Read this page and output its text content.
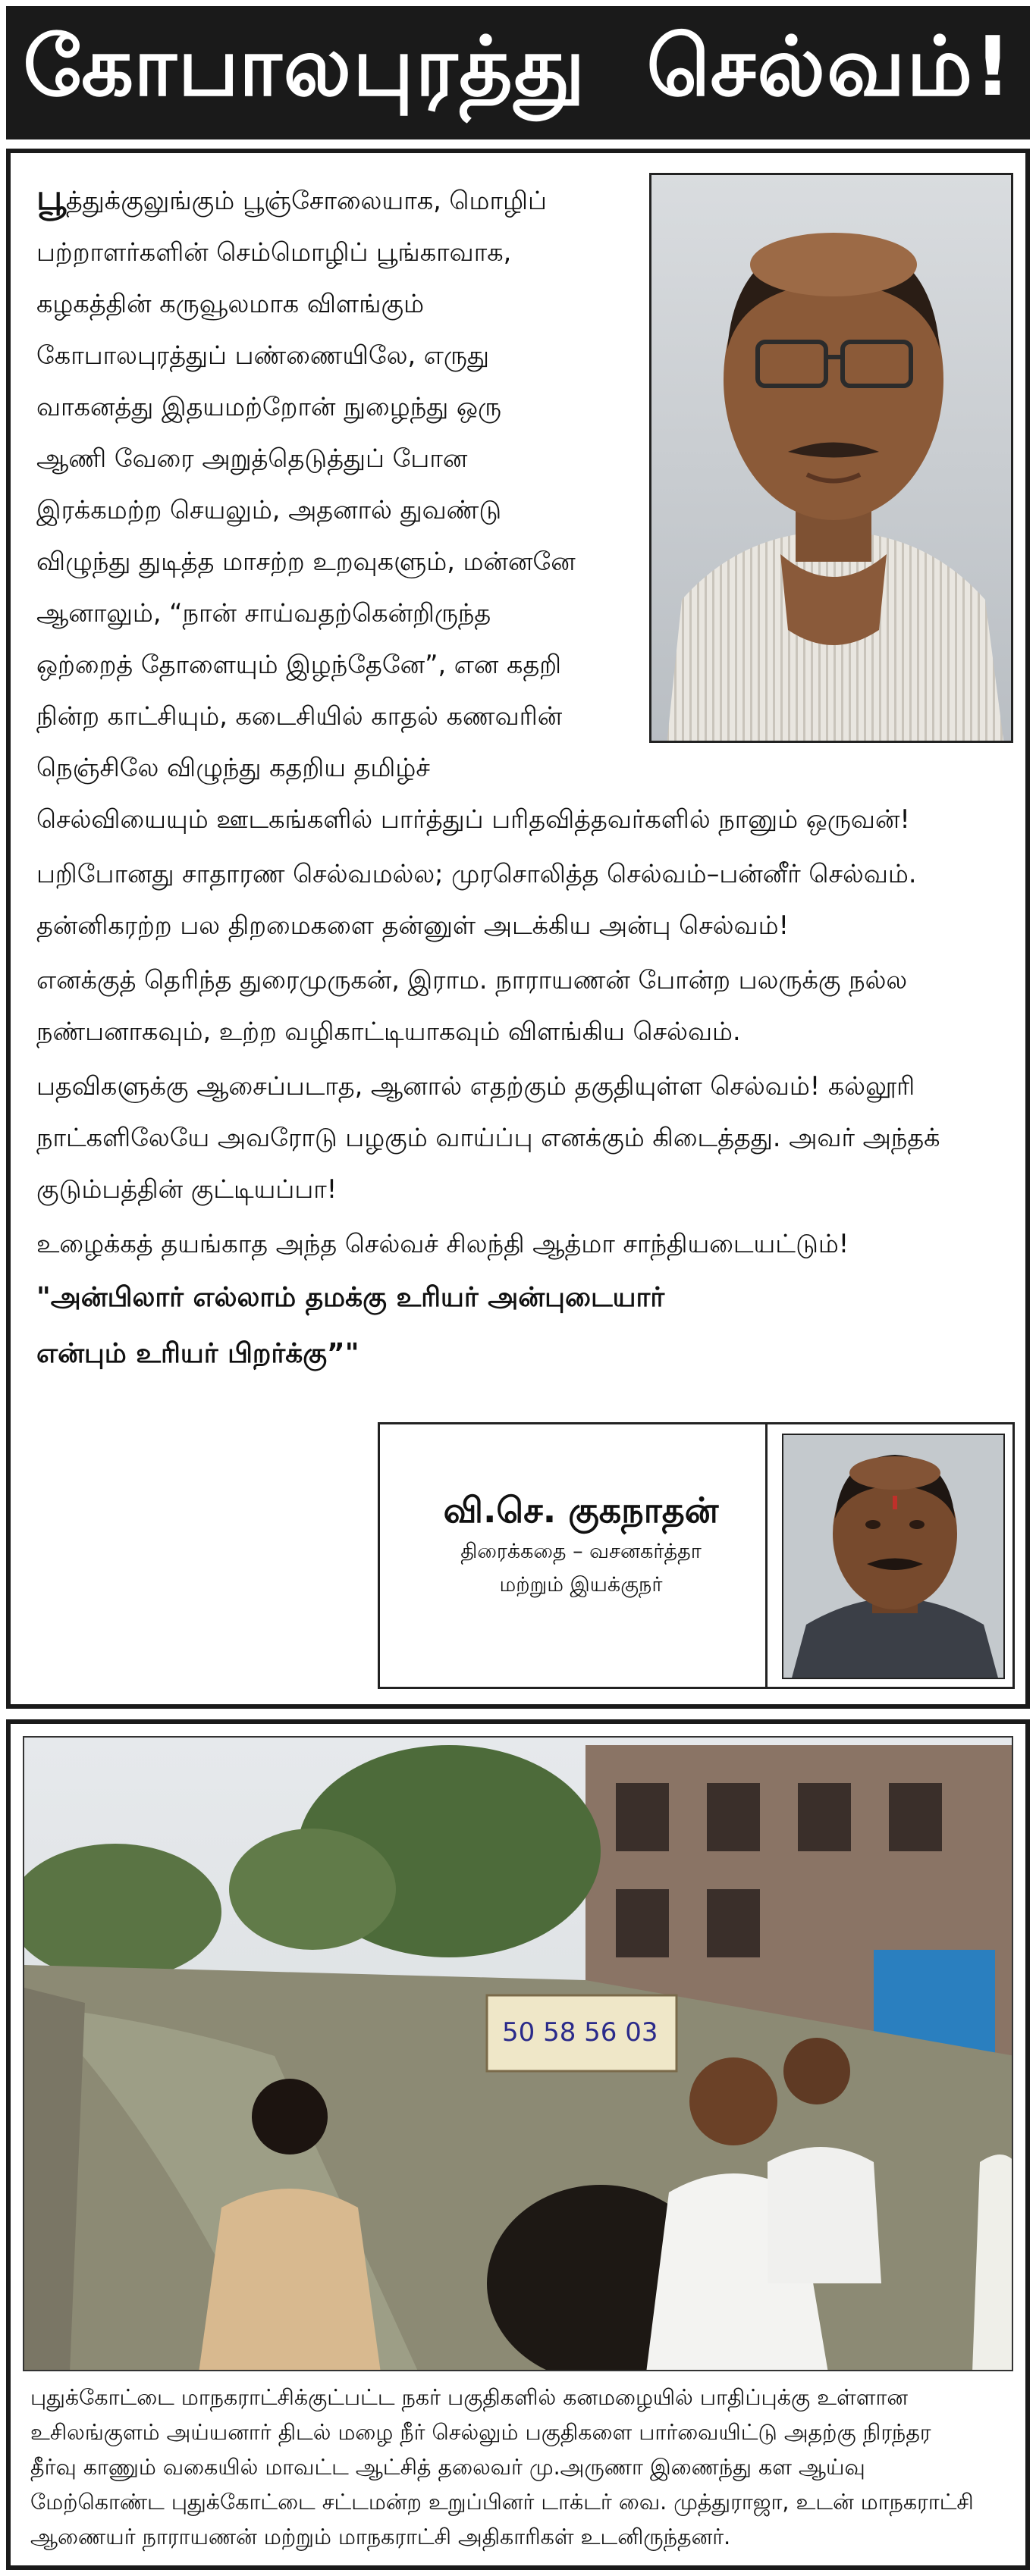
கோபாலபுரத்து  செல்வம்!

பூத்துக்குலுங்கும் பூஞ்சோலையாக, மொழிப்
பற்றாளர்களின் செம்மொழிப் பூங்காவாக,
கழகத்தின் கருவூலமாக விளங்கும்
கோபாலபுரத்துப் பண்ணையிலே, எருது
வாகனத்து இதயமற்றோன் நுழைந்து ஒரு
ஆணி வேரை அறுத்தெடுத்துப் போன
இரக்கமற்ற செயலும், அதனால் துவண்டு
விழுந்து துடித்த மாசற்ற உறவுகளும், மன்னனே
ஆனாலும், “நான் சாய்வதற்கென்றிருந்த
ஒற்றைத் தோளையும் இழந்தேனே”, என கதறி
நின்ற காட்சியும், கடைசியில் காதல் கணவரின்
நெஞ்சிலே விழுந்து கதறிய தமிழ்ச்

செல்வியையும் ஊடகங்களில் பார்த்துப் பரிதவித்தவர்களில் நானும் ஒருவன்!

பறிபோனது சாதாரண செல்வமல்ல; முரசொலித்த செல்வம்–பன்னீர் செல்வம்.
தன்னிகரற்ற பல திறமைகளை தன்னுள் அடக்கிய அன்பு செல்வம்!

எனக்குத் தெரிந்த துரைமுருகன், இராம. நாராயணன் போன்ற பலருக்கு நல்ல
நண்பனாகவும், உற்ற வழிகாட்டியாகவும் விளங்கிய செல்வம்.

பதவிகளுக்கு ஆசைப்படாத, ஆனால் எதற்கும் தகுதியுள்ள செல்வம்! கல்லூரி
நாட்களிலேயே அவரோடு பழகும் வாய்ப்பு எனக்கும் கிடைத்தது. அவர் அந்தக்
குடும்பத்தின் குட்டியப்பா!

உழைக்கத் தயங்காத அந்த செல்வச் சிலந்தி ஆத்மா சாந்தியடையட்டும்!

"அன்பிலார் எல்லாம் தமக்கு உரியர் அன்புடையார்
என்பும் உரியர் பிறர்க்கு”"

வி.செ. குகநாதன்
திரைக்கதை – வசனகர்த்தா
மற்றும் இயக்குநர்
50 58 56 03
புதுக்கோட்டை மாநகராட்சிக்குட்பட்ட நகர் பகுதிகளில் கனமழையில் பாதிப்புக்கு உள்ளான
உசிலங்குளம் அய்யனார் திடல் மழை நீர் செல்லும் பகுதிகளை பார்வையிட்டு அதற்கு நிரந்தர
தீர்வு காணும் வகையில் மாவட்ட ஆட்சித் தலைவர் மு.அருணா இணைந்து கள ஆய்வு
மேற்கொண்ட புதுக்கோட்டை சட்டமன்ற உறுப்பினர் டாக்டர் வை. முத்துராஜா, உடன் மாநகராட்சி
ஆணையர் நாராயணன் மற்றும் மாநகராட்சி அதிகாரிகள் உடனிருந்தனர்.
